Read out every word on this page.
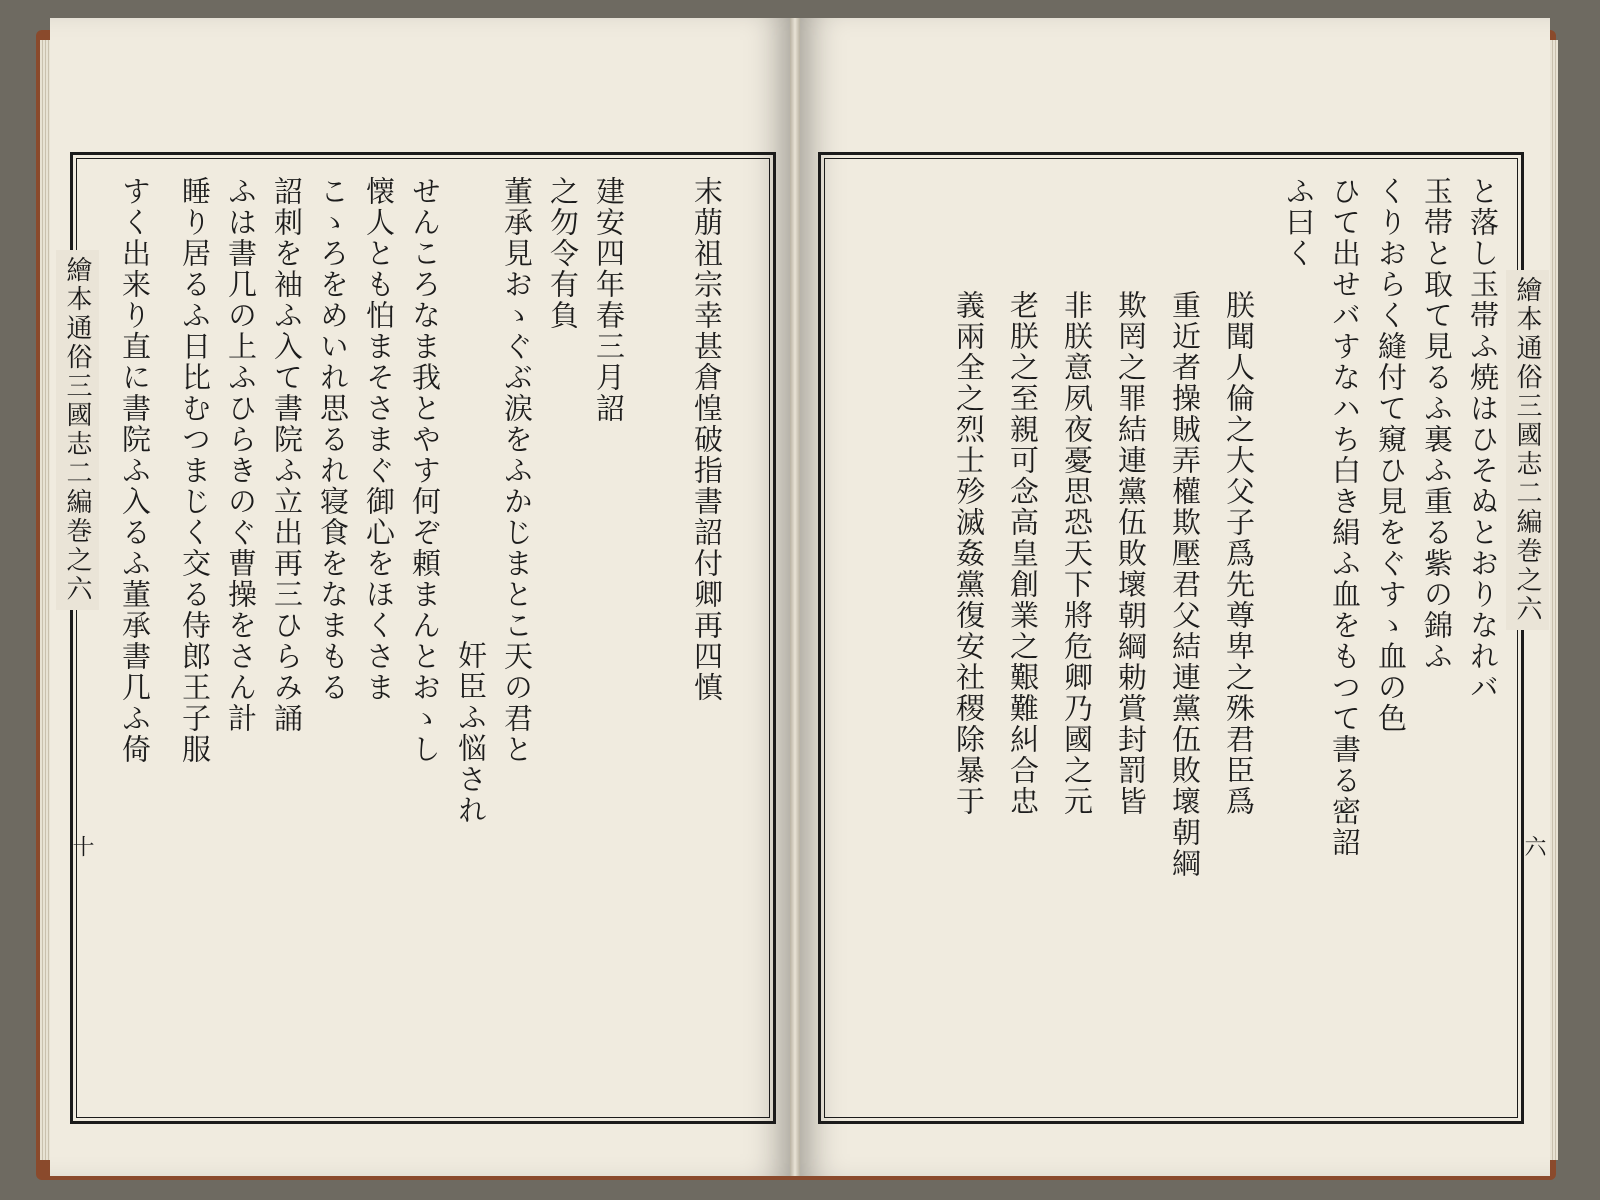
繪本通俗三國志二編巻之六
十
建安四年春三月詔
之勿令有負
董承見おゝぐぶ涙をふかじまとこ天の君と	末萠祖宗幸甚倉惶破指書詔付卿再四慎
奸臣ふ悩され
せんころなま我とやす何ぞ頼まんとおゝし
懐人とも怕まそさまぐ御心をほくさま
こゝろをめいれ思るれ寝食をなまもる
詔刺を袖ふ入て書院ふ立出再三ひらみ誦
ふは書几の上ふひらきのぐ曹操をさん計
睡り居るふ日比むつまじく交る侍郎王子服
すく出来り直に書院ふ入るふ董承書几ふ倚	繪本通俗三國志二編巻之六
六
と落し玉帯ふ焼はひそぬとおりなれバ
玉帯と取て見るふ裏ふ重る紫の錦ふ
くりおらく縫付て窺ひ見をぐすゝ血の色
ひて出せバすなハち白き絹ふ血をもつて書る密詔
ふ曰く
朕聞人倫之大父子爲先尊卑之殊君臣爲
重近者操賊弄權欺壓君父結連黨伍敗壞朝綱
欺罔之罪結連黨伍敗壞朝綱勅賞封罰皆
非朕意夙夜憂思恐天下將危卿乃國之元
老朕之至親可念高皇創業之艱難糾合忠
義兩全之烈士殄滅姦黨復安社稷除暴于
